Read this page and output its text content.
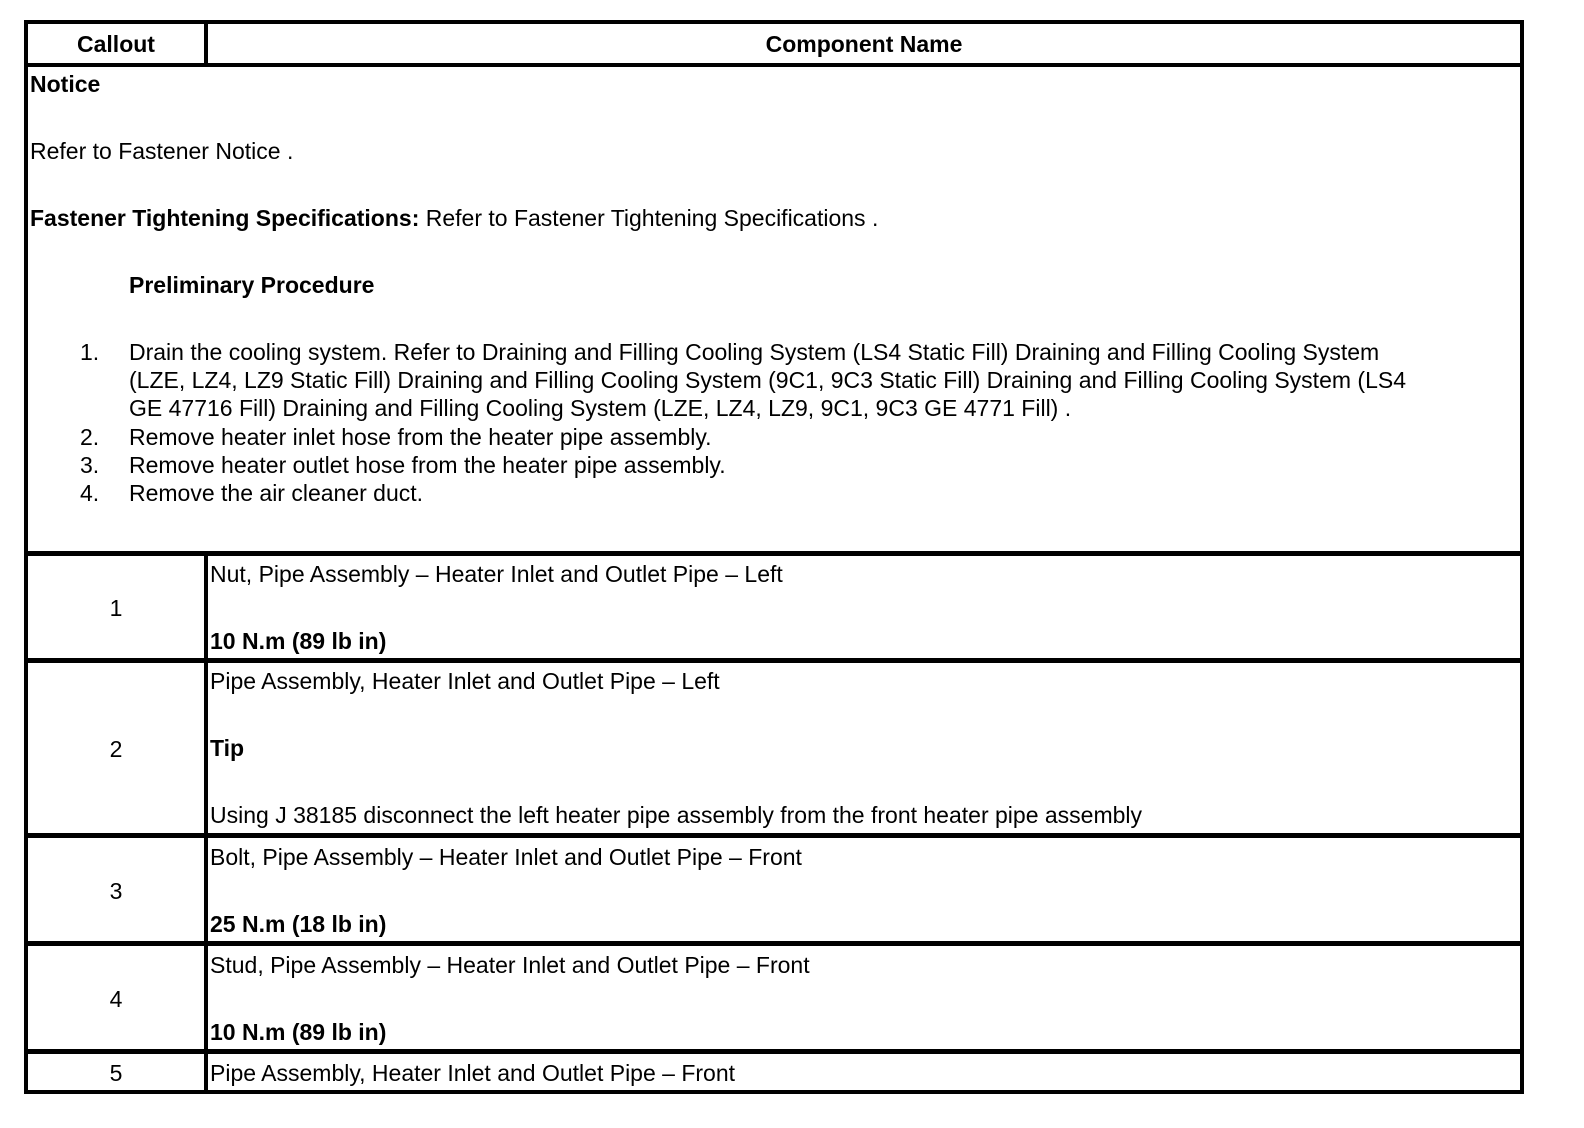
Callout	Component Name
Notice
Refer to Fastener Notice .
Fastener Tightening Specifications: Refer to Fastener Tightening Specifications .
Preliminary Procedure
1. Drain the cooling system. Refer to Draining and Filling Cooling System (LS4 Static Fill) Draining and Filling Cooling System
(LZE, LZ4, LZ9 Static Fill) Draining and Filling Cooling System (9C1, 9C3 Static Fill) Draining and Filling Cooling System (LS4
GE 47716 Fill) Draining and Filling Cooling System (LZE, LZ4, LZ9, 9C1, 9C3 GE 4771 Fill) .
2. Remove heater inlet hose from the heater pipe assembly.
3. Remove heater outlet hose from the heater pipe assembly.
4. Remove the air cleaner duct.
1
Nut, Pipe Assembly – Heater Inlet and Outlet Pipe – Left
10 N.m (89 lb in)
2
Pipe Assembly, Heater Inlet and Outlet Pipe – Left
Tip
Using J 38185 disconnect the left heater pipe assembly from the front heater pipe assembly
3
Bolt, Pipe Assembly – Heater Inlet and Outlet Pipe – Front
25 N.m (18 lb in)
4
Stud, Pipe Assembly – Heater Inlet and Outlet Pipe – Front
10 N.m (89 lb in)
5	Pipe Assembly, Heater Inlet and Outlet Pipe – Front
